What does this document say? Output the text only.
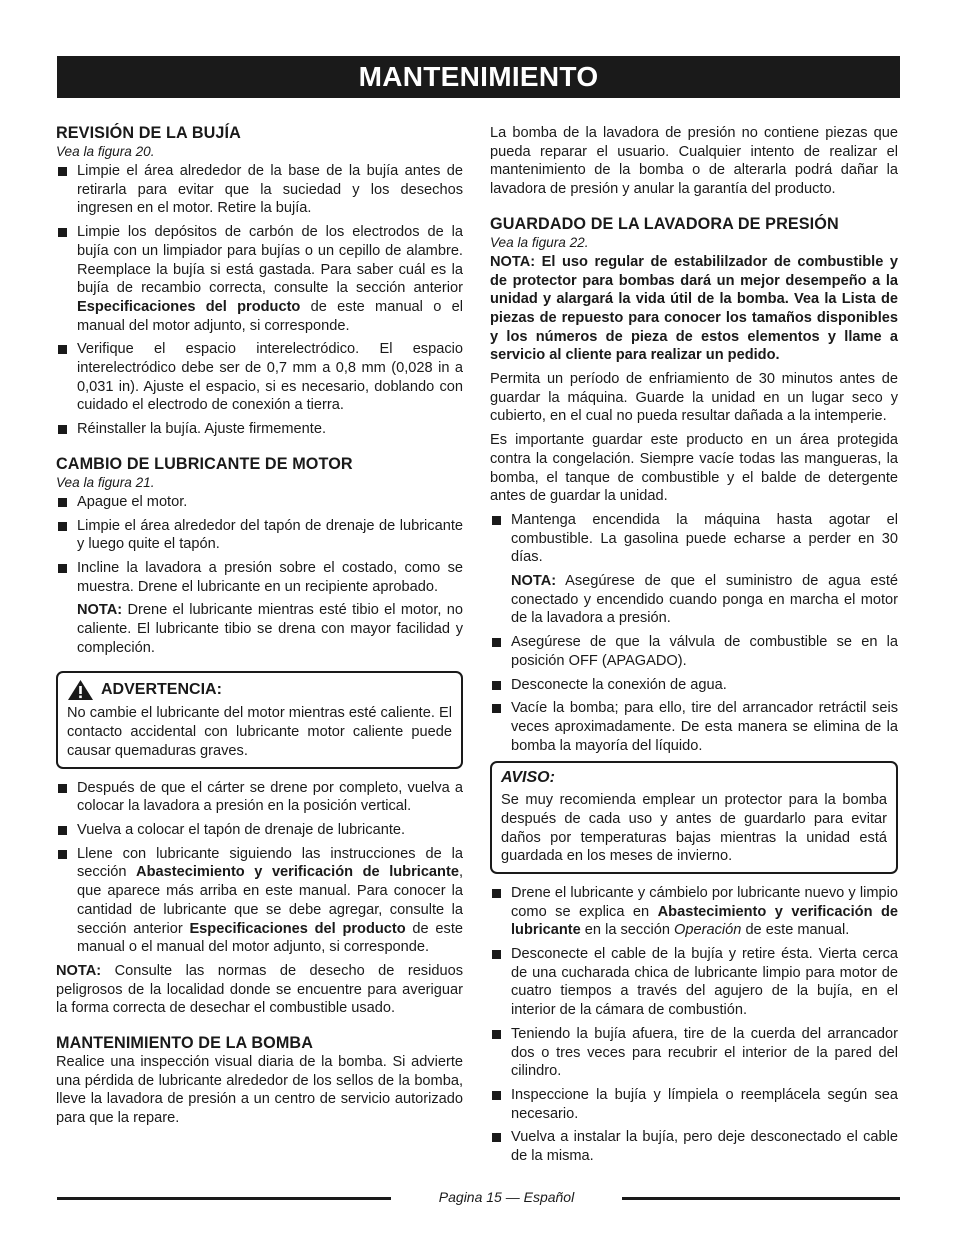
MANTENIMIENTO
REVISIÓN DE LA BUJÍA
Vea la figura 20.
Limpie el área alrededor de la base de la bujía antes de retirarla para evitar que la suciedad y los desechos ingresen en el motor. Retire la bujía.
Limpie los depósitos de carbón de los electrodos de la bujía con un limpiador para bujías o un cepillo de alambre. Reemplace la bujía si está gastada. Para saber cuál es la bujía de recambio correcta, consulte la sección anterior Especificaciones del producto de este manual o el manual del motor adjunto, si corresponde.
Verifique el espacio interelectródico. El espacio interelectródico debe ser de 0,7 mm a 0,8 mm (0,028 in a 0,031 in). Ajuste el espacio, si es necesario, doblando con cuidado el electrodo de conexión a tierra.
Réinstaller la bujía. Ajuste firmemente.
CAMBIO DE LUBRICANTE DE MOTOR
Vea la figura 21.
Apague el motor.
Limpie el área alrededor del tapón de drenaje de lubricante y luego quite el tapón.
Incline la lavadora a presión sobre el costado, como se muestra. Drene el lubricante en un recipiente aprobado.

NOTA: Drene el lubricante mientras esté tibio el motor, no caliente. El lubricante tibio se drena con mayor facilidad y compleción.

ADVERTENCIA:

No cambie el lubricante del motor mientras esté caliente. El contacto accidental con lubricante motor caliente puede causar quemaduras graves.

Después de que el cárter se drene por completo, vuelva a colocar la lavadora a presión en la posición vertical.
Vuelva a colocar el tapón de drenaje de lubricante.
Llene con lubricante siguiendo las instrucciones de la sección Abastecimiento y verificación de lubricante, que aparece más arriba en este manual. Para conocer la cantidad de lubricante que se debe agregar, consulte la sección anterior Especificaciones del producto de este manual o el manual del motor adjunto, si corresponde.

NOTA: Consulte las normas de desecho de residuos peligrosos de la localidad donde se encuentre para averiguar la forma correcta de desechar el combustible usado.

MANTENIMIENTO DE LA BOMBA

Realice una inspección visual diaria de la bomba. Si advierte una pérdida de lubricante alrededor de los sellos de la bomba, lleve la lavadora de presión a un centro de servicio autorizado para que la repare.

La bomba de la lavadora de presión no contiene piezas que pueda reparar el usuario. Cualquier intento de realizar el mantenimiento de la bomba o de alterarla podrá dañar la lavadora de presión y anular la garantía del producto.

GUARDADO DE LA LAVADORA DE PRESIÓN
Vea la figura 22.

NOTA: El uso regular de estabililzador de combustible y de protector para bombas dará un mejor desempeño a la unidad y alargará la vida útil de la bomba. Vea la Lista de piezas de repuesto para conocer los tamaños disponibles y los números de pieza de estos elementos y llame a servicio al cliente para realizar un pedido.

Permita un período de enfriamiento de 30 minutos antes de guardar la máquina. Guarde la unidad en un lugar seco y cubierto, en el cual no pueda resultar dañada a la intemperie.

Es importante guardar este producto en un área protegida contra la congelación. Siempre vacíe todas las mangueras, la bomba, el tanque de combustible y el balde de detergente antes de guardar la unidad.

Mantenga encendida la máquina hasta agotar el combustible. La gasolina puede echarse a perder en 30 días.

NOTA: Asegúrese de que el suministro de agua esté conectado y encendido cuando ponga en marcha el motor de la lavadora a presión.

Asegúrese de que la válvula de combustible se en la posición OFF (APAGADO).
Desconecte la conexión de agua.
Vacíe la bomba; para ello, tire del arrancador retráctil seis veces aproximadamente. De esta manera se elimina de la bomba la mayoría del líquido.
AVISO:

Se muy recomienda emplear un protector para la bomba después de cada uso y antes de guardarlo para evitar daños por temperaturas bajas mientras la unidad está guardada en los meses de invierno.

Drene el lubricante y cámbielo por lubricante nuevo y limpio como se explica en Abastecimiento y verificación de lubricante en la sección Operación de este manual.
Desconecte el cable de la bujía y retire ésta. Vierta cerca de una cucharada chica de lubricante limpio para motor de cuatro tiempos a través del agujero de la bujía, en el interior de la cámara de combustión.
Teniendo la bujía afuera, tire de la cuerda del arrancador dos o tres veces para recubrir el interior de la pared del cilindro.
Inspeccione la bujía y límpiela o reemplácela según sea necesario.
Vuelva a instalar la bujía, pero deje desconectado el cable de la misma.
Pagina 15 — Español
